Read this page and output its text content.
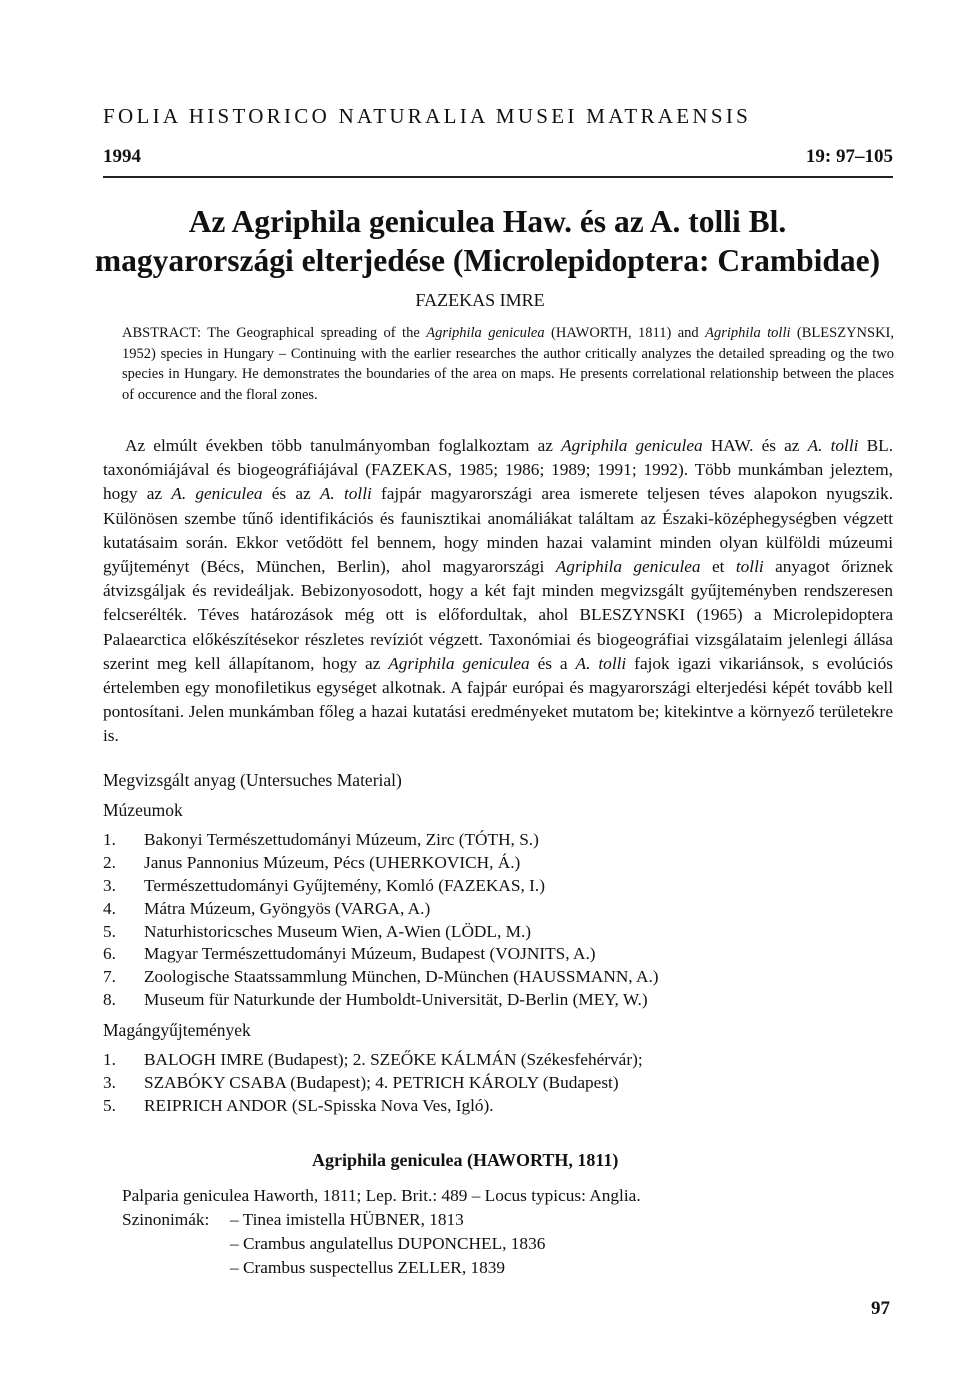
FOLIA HISTORICO NATURALIA MUSEI MATRAENSIS
1994	19: 97–105
Az Agriphila geniculea Haw. és az A. tolli Bl.
magyarországi elterjedése (Microlepidoptera: Crambidae)
FAZEKAS IMRE
ABSTRACT: The Geographical spreading of the Agriphila geniculea (HAWORTH, 1811) and Agriphila tolli (BLESZYNSKI, 1952) species in Hungary – Continuing with the earlier researches the author critically analyzes the detailed spreading og the two species in Hungary. He demonstrates the boundaries of the area on maps. He presents correlational relationship between the places of occurence and the floral zones.
Az elmúlt években több tanulmányomban foglalkoztam az Agriphila geniculea HAW. és az A. tolli BL. taxonómiájával és biogeográfiájával (FAZEKAS, 1985; 1986; 1989; 1991; 1992). Több munkámban jeleztem, hogy az A. geniculea és az A. tolli fajpár magyarországi area ismerete teljesen téves alapokon nyugszik. Különösen szembe tűnő identifikációs és faunisztikai anomáliákat találtam az Északi-középhegységben végzett kutatásaim során. Ekkor vetődött fel bennem, hogy minden hazai valamint minden olyan külföldi múzeumi gyűjteményt (Bécs, München, Berlin), ahol magyarországi Agriphila geniculea et tolli anyagot őriznek átvizsgáljak és revideáljak. Bebizonyosodott, hogy a két fajt minden megvizsgált gyűjteményben rendszeresen felcserélték. Téves határozások még ott is előfordultak, ahol BLESZYNSKI (1965) a Microlepidoptera Palaearctica előkészítésekor részletes revíziót végzett. Taxonómiai és biogeográfiai vizsgálataim jelenlegi állása szerint meg kell állapítanom, hogy az Agriphila geniculea és a A. tolli fajok igazi vikariánsok, s evolúciós értelemben egy monofiletikus egységet alkotnak. A fajpár európai és magyarországi elterjedési képét tovább kell pontosítani. Jelen munkámban főleg a hazai kutatási eredményeket mutatom be; kitekintve a környező területekre is.
Megvizsgált anyag (Untersuches Material)
Múzeumok
1.	Bakonyi Természettudományi Múzeum, Zirc (TÓTH, S.)
2.	Janus Pannonius Múzeum, Pécs (UHERKOVICH, Á.)
3.	Természettudományi Gyűjtemény, Komló (FAZEKAS, I.)
4.	Mátra Múzeum, Gyöngyös (VARGA, A.)
5.	Naturhistoricsches Museum Wien, A-Wien (LÖDL, M.)
6.	Magyar Természettudományi Múzeum, Budapest (VOJNITS, A.)
7.	Zoologische Staatssammlung München, D-München (HAUSSMANN, A.)
8.	Museum für Naturkunde der Humboldt-Universität, D-Berlin (MEY, W.)
Magángyűjtemények
1.	BALOGH IMRE (Budapest); 2. SZEŐKE KÁLMÁN (Székesfehérvár);
3.	SZABÓKY CSABA (Budapest); 4. PETRICH KÁROLY (Budapest)
5.	REIPRICH ANDOR (SL-Spisska Nova Ves, Igló).
Agriphila geniculea (HAWORTH, 1811)
Palparia geniculea Haworth, 1811; Lep. Brit.: 489 – Locus typicus: Anglia.
Szinonimák: – Tinea imistella HÜBNER, 1813
– Crambus angulatellus DUPONCHEL, 1836
– Crambus suspectellus ZELLER, 1839
97
